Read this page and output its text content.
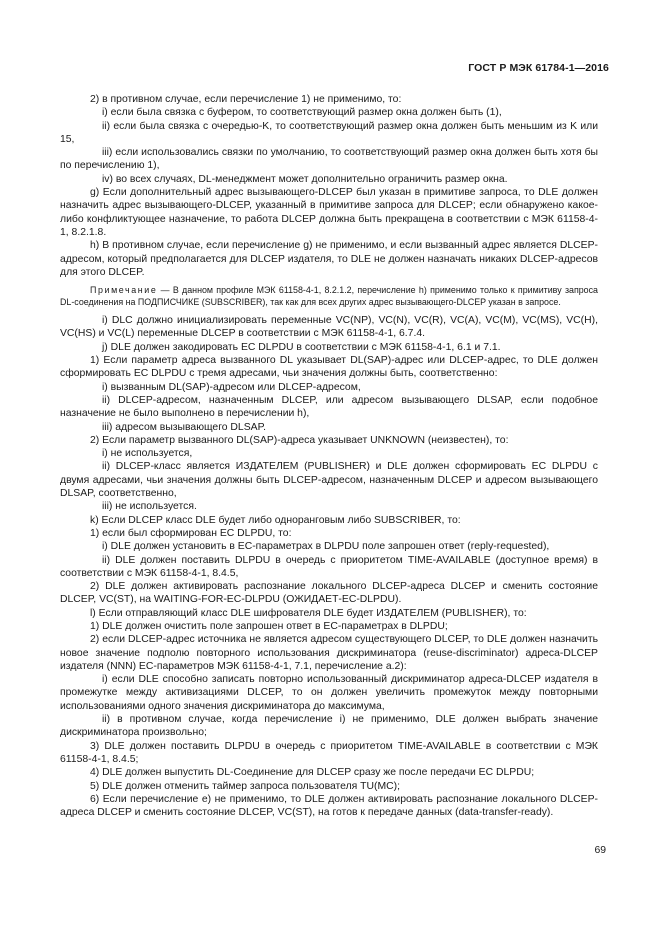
ГОСТ Р МЭК 61784-1—2016

2) в противном случае, если перечисление 1) не применимо, то:

i) если была связка с буфером, то соответствующий размер окна должен быть (1),

ii) если была связка с очередью-K, то соответствующий размер окна должен быть меньшим из K или 15,

iii) если использовались связки по умолчанию, то соответствующий размер окна должен быть хотя бы по перечислению 1),

iv) во всех случаях, DL-менеджмент может дополнительно ограничить размер окна.

g) Если дополнительный адрес вызывающего-DLCEP был указан в примитиве запроса, то DLE должен назначить адрес вызывающего-DLCEP, указанный в примитиве запроса для DLCEP; если обнаружено какое-либо конфликтующее назначение, то работа DLCEP должна быть прекращена в соответствии с МЭК 61158-4-1, 8.2.1.8.

h) В противном случае, если перечисление g) не применимо, и если вызванный адрес является DLCEP-адресом, который предполагается для DLCEP издателя, то DLE не должен назначать никаких DLCEP-адресов для этого DLCEP.

Примечание — В данном профиле МЭК 61158-4-1, 8.2.1.2, перечисление h) применимо только к примитиву запроса DL-соединения на ПОДПИСЧИКЕ (SUBSCRIBER), так как для всех других адрес вызывающего-DLCEP указан в запросе.

i) DLC должно инициализировать переменные VC(NP), VC(N), VC(R), VC(A), VC(M), VC(MS), VC(H), VC(HS) и VC(L) переменные DLCEP в соответствии с МЭК 61158-4-1, 6.7.4.

j) DLE должен закодировать EC DLPDU в соответствии с МЭК 61158-4-1, 6.1 и 7.1.

1) Если параметр адреса вызванного DL указывает DL(SAP)-адрес или DLCEP-адрес, то DLE должен сформировать EC DLPDU с тремя адресами, чьи значения должны быть, соответственно:

i) вызванным DL(SAP)-адресом или DLCEP-адресом,

ii) DLCEP-адресом, назначенным DLCEP, или адресом вызывающего DLSAP, если подобное назначение не было выполнено в перечислении h),

iii) адресом вызывающего DLSAP.

2) Если параметр вызванного DL(SAP)-адреса указывает UNKNOWN (неизвестен), то:

i) не используется,

ii) DLCEP-класс является ИЗДАТЕЛЕМ (PUBLISHER) и DLE должен сформировать EC DLPDU с двумя адресами, чьи значения должны быть DLCEP-адресом, назначенным DLCEP и адресом вызывающего DLSAP, соответственно,

iii) не используется.

k) Если DLCEP класс DLE будет либо одноранговым либо SUBSCRIBER, то:

1) если был сформирован EC DLPDU, то:

i) DLE должен установить в EC-параметрах в DLPDU поле запрошен ответ (reply-requested),

ii) DLE должен поставить DLPDU в очередь с приоритетом TIME-AVAILABLE (доступное время) в соответствии с МЭК 61158-4-1, 8.4.5,

2) DLE должен активировать распознание локального DLCEP-адреса DLCEP и сменить состояние DLCEP, VC(ST), на WAITING-FOR-EC-DLPDU (ОЖИДАЕТ-EC-DLPDU).

l) Если отправляющий класс DLE шифрователя DLE будет ИЗДАТЕЛЕМ (PUBLISHER), то:

1) DLE должен очистить поле запрошен ответ в EC-параметрах в DLPDU;

2) если DLCEP-адрес источника не является адресом существующего DLCEP, то DLE должен назначить новое значение подполю повторного использования дискриминатора (reuse-discriminator) адреса-DLCEP издателя (NNN) EC-параметров МЭК 61158-4-1, 7.1, перечисление а.2):

i) если DLE способно записать повторно использованный дискриминатор адреса-DLCEP издателя в промежутке между активизациями DLCEP, то он должен увеличить промежуток между повторными использованиями одного значения дискриминатора до максимума,

ii) в противном случае, когда перечисление i) не применимо, DLE должен выбрать значение дискриминатора произвольно;

3) DLE должен поставить DLPDU в очередь с приоритетом TIME-AVAILABLE в соответствии с МЭК 61158-4-1, 8.4.5;

4) DLE должен выпустить DL-Соединение для DLCEP сразу же после передачи EC DLPDU;

5) DLE должен отменить таймер запроса пользователя TU(MC);

6) Если перечисление е) не применимо, то DLE должен активировать распознание локального DLCEP-адреса DLCEP и сменить состояние DLCEP, VC(ST), на готов к передаче данных (data-transfer-ready).

69
